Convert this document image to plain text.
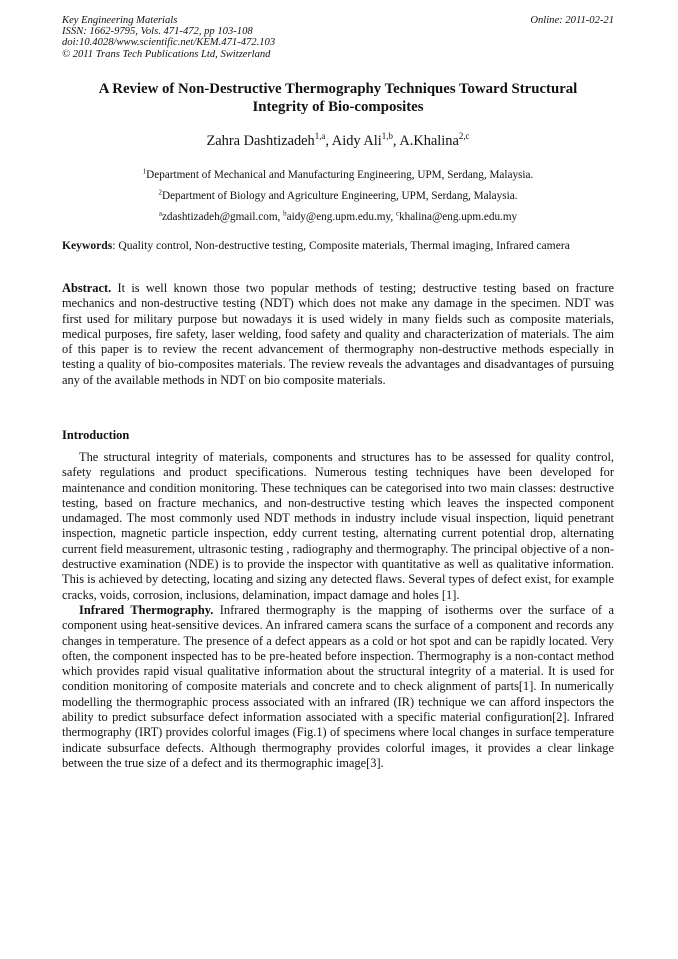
Key Engineering Materials
ISSN: 1662-9795, Vols. 471-472, pp 103-108
doi:10.4028/www.scientific.net/KEM.471-472.103
© 2011 Trans Tech Publications Ltd, Switzerland
Online: 2011-02-21
A Review of Non-Destructive Thermography Techniques Toward Structural
Integrity of Bio-composites
Zahra Dashtizadeh$^{1,a}$, Aidy Ali$^{1,b}$, A.Khalina$^{2,c}$
$^1$Department of Mechanical and Manufacturing Engineering, UPM, Serdang, Malaysia.
$^2$Department of Biology and Agriculture Engineering, UPM, Serdang, Malaysia.
$^a$zdashtizadeh@gmail.com, $^b$aidy@eng.upm.edu.my, $^c$khalina@eng.upm.edu.my
Keywords: Quality control, Non-destructive testing, Composite materials, Thermal imaging, Infrared camera
Abstract. It is well known those two popular methods of testing; destructive testing based on fracture mechanics and non-destructive testing (NDT) which does not make any damage in the specimen. NDT was first used for military purpose but nowadays it is used widely in many fields such as composite materials, medical purposes, fire safety, laser welding, food safety and quality and characterization of materials. The aim of this paper is to review the recent advancement of thermography non-destructive methods especially in testing a quality of bio-composites materials. The review reveals the advantages and disadvantages of pursuing any of the available methods in NDT on bio composite materials.
Introduction

The structural integrity of materials, components and structures has to be assessed for quality control, safety regulations and product specifications. Numerous testing techniques have been developed for maintenance and condition monitoring. These techniques can be categorised into two main classes: destructive testing, based on fracture mechanics, and non-destructive testing which leaves the inspected component undamaged. The most commonly used NDT methods in industry include visual inspection, liquid penetrant inspection, magnetic particle inspection, eddy current testing, alternating current potential drop, alternating current field measurement, ultrasonic testing , radiography and thermography. The principal objective of a non-destructive examination (NDE) is to provide the inspector with quantitative as well as qualitative information. This is achieved by detecting, locating and sizing any detected flaws. Several types of defect exist, for example cracks, voids, corrosion, inclusions, delamination, impact damage and holes [1].

Infrared Thermography. Infrared thermography is the mapping of isotherms over the surface of a component using heat-sensitive devices. An infrared camera scans the surface of a component and records any changes in temperature. The presence of a defect appears as a cold or hot spot and can be rapidly located. Very often, the component inspected has to be pre-heated before inspection. Thermography is a non-contact method which provides rapid visual qualitative information about the structural integrity of a material. It is used for condition monitoring of composite materials and concrete and to check alignment of parts[1]. In numerically modelling the thermographic process associated with an infrared (IR) technique we can afford inspectors the ability to predict subsurface defect information associated with a specific material configuration[2]. Infrared thermography (IRT) provides colorful images (Fig.1) of specimens where local changes in surface temperature indicate subsurface defects. Although thermography provides colorful images, it provides a clear linkage between the true size of a defect and its thermographic image[3].
